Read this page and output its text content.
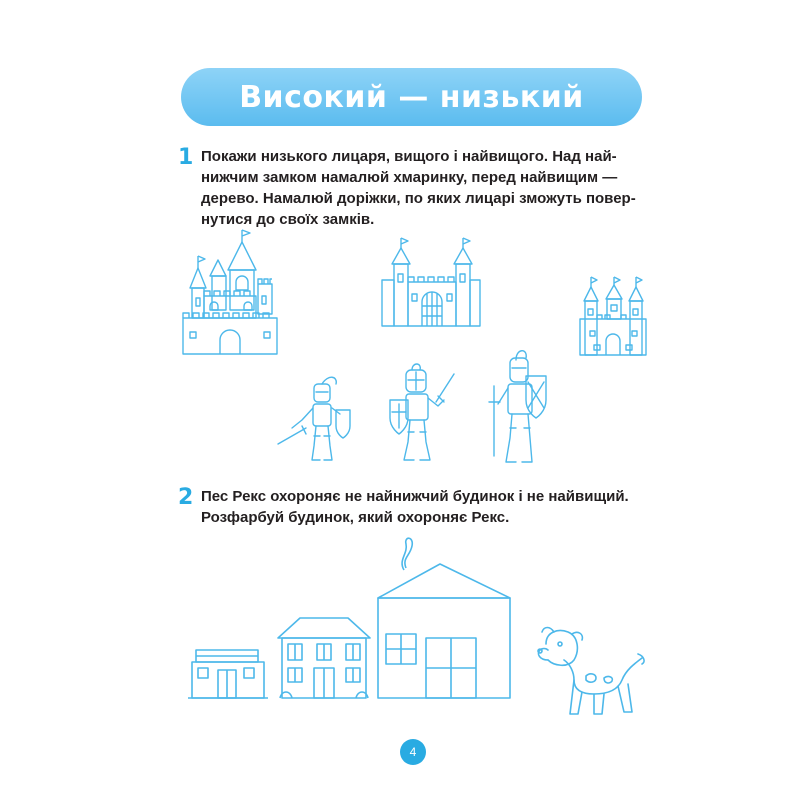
Високий — низький
1 Покажи низького лицаря, вищого і найвищого. Над най-
нижчим замком намалюй хмаринку, перед найвищим —
дерево. Намалюй доріжки, по яких лицарі зможуть повер-
нутися до своїх замків.
2 Пес Рекс охороняє не найнижчий будинок і не найвищий.
Розфарбуй будинок, який охороняє Рекс.
4
